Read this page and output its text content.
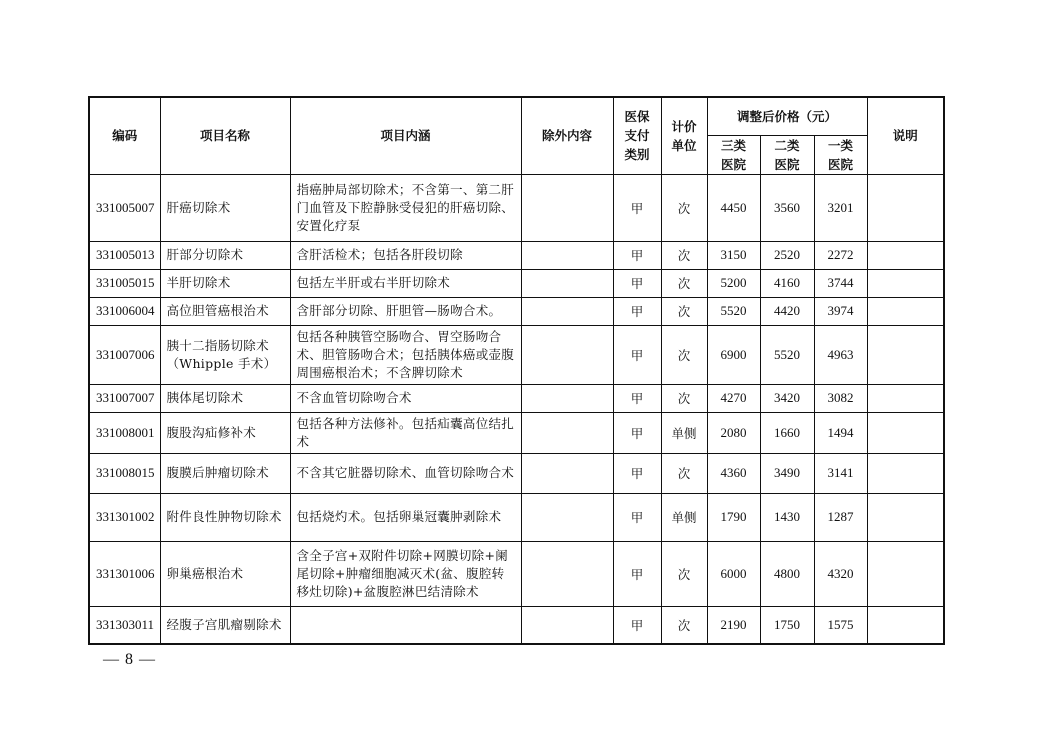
编码	项目名称	项目内涵	除外内容	医保支付类别	计价单位	调整后价格（元）			说明
						三类医院	二类医院	一类医院	
331005007	肝癌切除术	指癌肿局部切除术；不含第一、第二肝门血管及下腔静脉受侵犯的肝癌切除、安置化疗泵		甲	次	4450	3560	3201	
331005013	肝部分切除术	含肝活检术；包括各肝段切除		甲	次	3150	2520	2272	
331005015	半肝切除术	包括左半肝或右半肝切除术		甲	次	5200	4160	3744	
331006004	高位胆管癌根治术	含肝部分切除、肝胆管—肠吻合术。		甲	次	5520	4420	3974	
331007006	胰十二指肠切除术（Whipple 手术）	包括各种胰管空肠吻合、胃空肠吻合术、胆管肠吻合术；包括胰体癌或壶腹周围癌根治术；不含脾切除术		甲	次	6900	5520	4963	
331007007	胰体尾切除术	不含血管切除吻合术		甲	次	4270	3420	3082	
331008001	腹股沟疝修补术	包括各种方法修补。包括疝囊高位结扎术		甲	单侧	2080	1660	1494	
331008015	腹膜后肿瘤切除术	不含其它脏器切除术、血管切除吻合术		甲	次	4360	3490	3141	
331301002	附件良性肿物切除术	包括烧灼术。包括卵巢冠囊肿剥除术		甲	单侧	1790	1430	1287	
331301006	卵巢癌根治术	含全子宫+双附件切除+网膜切除+阑尾切除+肿瘤细胞减灭术(盆、腹腔转移灶切除)+盆腹腔淋巴结清除术		甲	次	6000	4800	4320	
331303011	经腹子宫肌瘤剔除术			甲	次	2190	1750	1575	
— 8 —
